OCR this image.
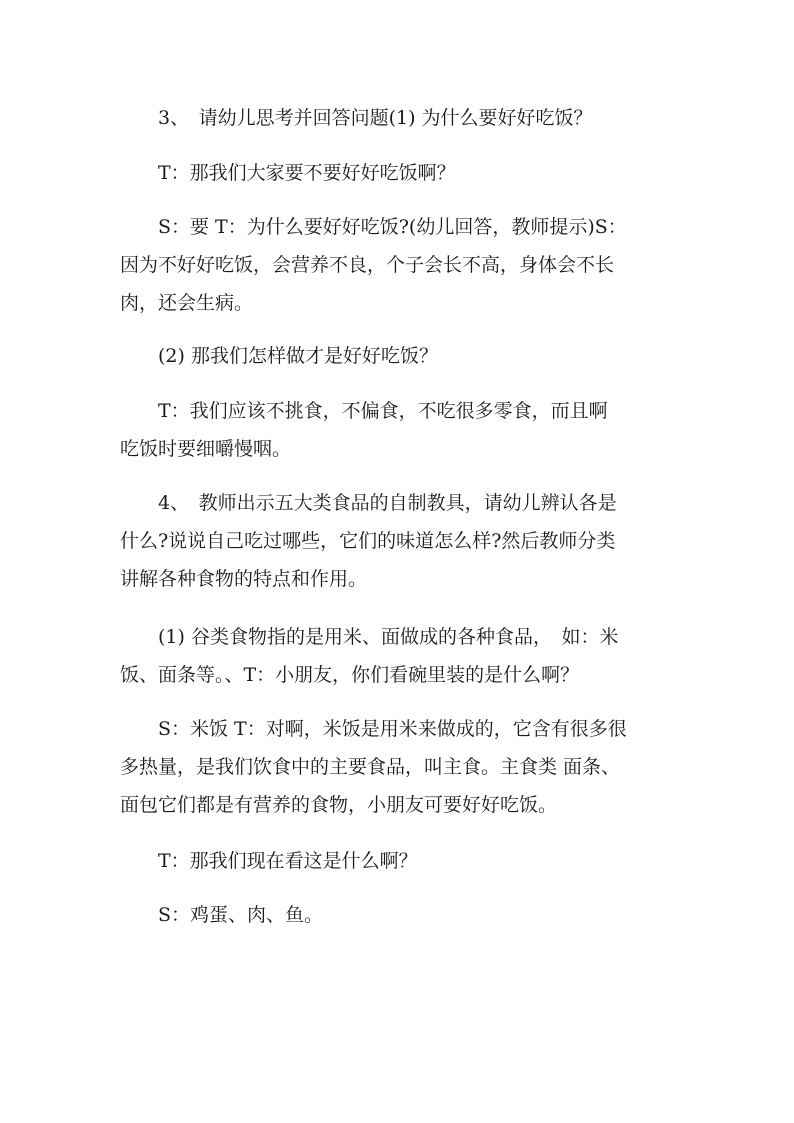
　　3、　请幼儿思考并回答问题(1) 为什么要好好吃饭？

　　T：那我们大家要不要好好吃饭啊？

　　S：要 T：为什么要好好吃饭?(幼儿回答，教师提示)S：
因为不好好吃饭，会营养不良，个子会长不高，身体会不长
肉，还会生病。

　　(2) 那我们怎样做才是好好吃饭？

　　T：我们应该不挑食，不偏食，不吃很多零食，而且啊
吃饭时要细嚼慢咽。

　　4、　教师出示五大类食品的自制教具，请幼儿辨认各是
什么?说说自己吃过哪些，它们的味道怎么样?然后教师分类
讲解各种食物的特点和作用。

　　(1) 谷类食物指的是用米、面做成的各种食品，　如：米
饭、面条等。、T：小朋友，你们看碗里装的是什么啊？

　　S：米饭 T：对啊，米饭是用米来做成的，它含有很多很
多热量，是我们饮食中的主要食品，叫主食。主食类 面条、
面包它们都是有营养的食物，小朋友可要好好吃饭。

　　T：那我们现在看这是什么啊？

　　S：鸡蛋、肉、鱼。
